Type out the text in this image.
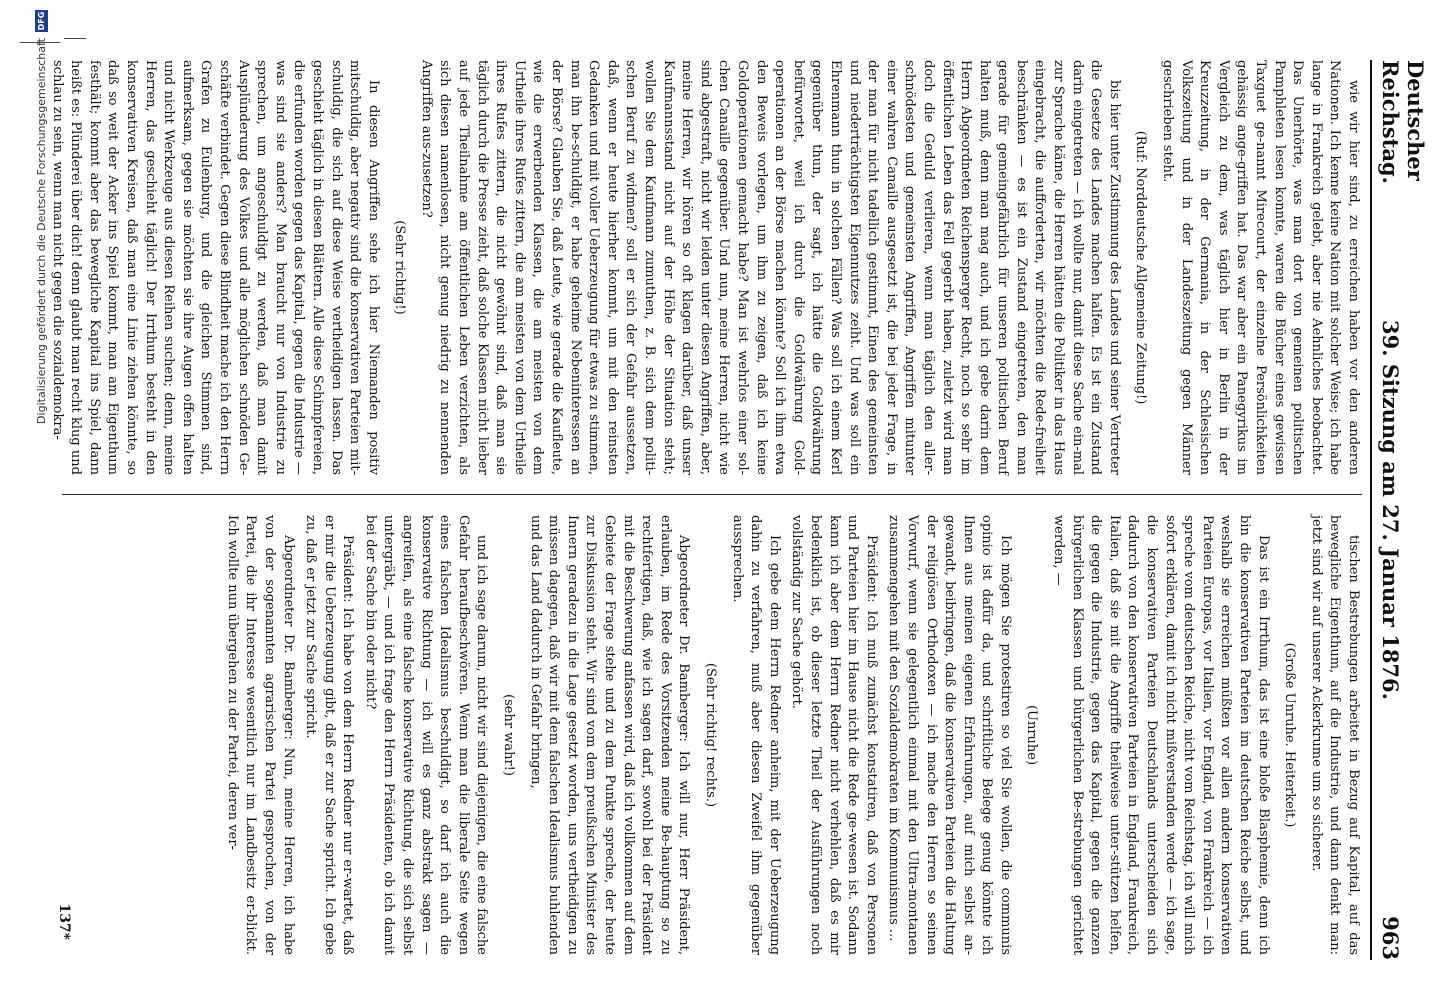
Deutscher Reichstag.
39. Sitzung am 27. Januar 1876.
963

wie wir hier sind, zu erreichen haben vor den anderen Nationen. Ich kenne keine Nation mit solcher Weise; ich habe lange in Frankreich gelebt, aber nie Aehnliches beobachtet. Das Unerhörte, was man dort von gemeinen politischen Pamphleten lesen konnte, waren die Bücher eines gewissen Taxguet ge-nannt Mirecourt, der einzelne Persönlichkeiten gehässig ange-griffen hat. Das war aber ein Panegyrikus im Vergleich zu dem, was täglich hier in Berlin in der Kreuzzeitung, in der Germania, in der Schlesischen Volkszeitung und in der Landeszeitung gegen Männer geschrieben steht.

(Ruf: Norddeutsche Allgemeine Zeitung!)

bis hier unter Zustimmung des Landes und seiner Vertreter die Gesetze des Landes machen halfen. Es ist ein Zustand darin eingetreten — ich wollte nur, damit diese Sache ein-mal zur Sprache käme, die Herren hätten die Politiker in das Haus eingebracht, die aufforderten, wir möchten die Rede-freiheit beschränken — es ist ein Zustand eingetreten, den man gerade für gemeingefährlich für unseren politischen Beruf halten muß, denn man mag auch, und ich gebe darin dem Herrn Abgeordneten Reichensperger Recht, noch so sehr im öffentlichen Leben das Fell gegerbt haben, zuletzt wird man doch die Geduld verlieren, wenn man täglich den aller-schnödesten und gemeinsten Angriffen, Angriffen mitunter einer wahren Canaille ausgesetzt ist, die bei jeder Frage, in der man für nicht tadellich gestimmt, Einen des gemeinsten und niederträchtigsten Eigennutzes zeiht. Und was soll ein Ehrenmann thun in solchen Fällen? Was soll ich einem Kerl gegenüber thun, der sagt, ich hätte die Goldwährung befürwortet, weil ich durch die Goldwährung Gold-operationen an der Börse machen könnte? Soll ich ihm etwa den Beweis vorlegen, um ihm zu zeigen, daß ich keine Goldoperationen gemacht habe? Man ist wehrlos einer sol-chen Canaille gegenüber. Und nun, meine Herren, nicht wie sind abgestraft, nicht wir leiden unter diesen Angriffen, aber, meine Herren, wir hören so oft klagen darüber, daß unser Kaufmannsstand nicht auf der Höhe der Situation steht; wollen Sie dem Kaufmann zumuthen, z. B. sich dem politi-schen Beruf zu widmen? soll er sich der Gefahr aussetzen, daß, wenn er heute hierher kommt, um mit den reinsten Gedanken und mit voller Ueberzeugung für etwas zu stimmen, man ihn be-schuldigt, er habe geheime Nebeninteressen an der Börse? Glauben Sie, daß Leute, wie gerade die Kaufleute, wie die erwerbenden Klassen, die am meisten von dem Urtheile ihres Rufes zittern, die am meisten von dem Urtheile ihres Rufes zittern, die nicht gewöhnt sind, daß man sie täglich durch die Presse zieht, daß solche Klassen nicht lieber auf jede Theilnahme am öffentlichen Leben verzichten, als sich diesen namenlosen, nicht genug niedrig zu nennenden Angriffen aus-zusetzen?

(Sehr richtig!)

In diesen Angriffen sehe ich hier Niemanden positiv mitschuldig, aber negativ sind die konservativen Parteien mit-schuldig, die sich auf diese Weise vertheidigen lassen. Das geschieht täglich in diesen Blättern. Alle diese Schimpfereien, die erfunden worden gegen das Kapital, gegen die Industrie — was sind sie anders? Man braucht nur von Industrie zu sprechen, um angeschuldigt zu werden, daß man damit Ausplünderung des Volkes und alle möglichen schnöden Ge-schäfte verbindet. Gegen diese Blindheit mache ich den Herrn Grafen zu Eulenburg, und die gleichen Stimmen sind, aufmerksam, gegen sie möchten sie ihre Augen offen halten und nicht Werkzeuge aus diesen Reihen suchen; denn, meine Herren, das geschieht täglich! Der Irrthum besteht in den konservativen Kreisen, daß man eine Linie ziehen könnte, so daß so weit der Acker ins Spiel kommt, man am Eigenthum festhält; kommt aber das bewegliche Kapital ins Spiel, dann heißt es: Plünderei über dich! denn glaubt man recht klug und schlau zu sein, wenn man nicht gegen die sozialdemokra-

tischen Bestrebungen arbeitet in Bezug auf Kapital, auf das bewegliche Eigenthum, auf die Industrie, und dann denkt man: jetzt sind wir auf unserer Ackerkrume um so sicherer.

(Große Unruhe. Heiterkeit.)

Das ist ein Irrthum, das ist eine bloße Blasphemie, denn ich bin die konservativen Parteien im deutschen Reiche selbst, und weshalb sie erreichen müßten vor allen andern konservativen Parteien Europas, vor Italien, vor England, von Frankreich — ich spreche vom deutschen Reiche, nicht vom Reichstag, ich will mich sofort erklären, damit ich nicht mißverstanden werde — ich sage, die konservativen Parteien Deutschlands unterscheiden sich dadurch von den konservativen Parteien in England, Frankreich, Italien, daß sie mit die Angriffe theilweise unter-stützen helfen, die gegen die Industrie, gegen das Kapital, gegen die ganzen bürgerlichen Klassen und bürgerlichen Be-strebungen gerichtet werden, —

(Unruhe)

Ich mögen Sie protestiren so viel Sie wollen, die communis opinio ist dafür da, und schriftliche Belege genug könnte ich Ihnen aus meinen eigenen Erfahrungen, auf mich selbst an-gewandt, beibringen, daß die konservativen Parteien die Haltung der religiösen Orthodoxen — ich mache den Herren so seinen Vorwurf, wenn sie gelegentlich einmal mit den Ultra-montanen zusammengehen mit den Sozialdemokraten im Kommunismus ...

Präsident: Ich muß zunächst konstatiren, daß von Personen und Parteien hier im Hause nicht die Rede ge-wesen ist. Sodann kann ich aber dem Herrn Redner nicht verhehlen, daß es mir bedenklich ist, ob dieser letzte Theil der Ausführungen noch vollständig zur Sache gehört.

Ich gebe dem Herrn Redner anheim, mit der Ueberzeugung dahin zu verfahren, muß aber diesen Zweifel ihm gegenüber aussprechen.

(Sehr richtig! rechts.)

Abgeordneter Dr. Bamberger: Ich will nur, Herr Präsident, erlauben, im Rede des Vorsitzenden meine Be-hauptung so zu rechtfertigen, daß, wie ich sagen darf, sowohl bei der Präsident mit die Beschwerung anfassen wird, daß ich vollkommen auf dem Gebiete der Frage stehe und zu dem Punkte spreche, der heute zur Diskussion steht. Wir sind vom dem preußischen Minister des Innern geradezu in die Lage gesetzt worden, uns vertheidigen zu müssen dagegen, daß wir mit dem falschen Idealismus buhlenden und das Land dadurch in Gefahr bringen,

(sehr wahr!)

und ich sage darum, nicht wir sind diejenigen, die eine falsche Gefahr heraufbeschwören. Wenn man die liberale Seite wegen eines falschen Idealismus beschuldigt, so darf ich auch die konservative Richtung — ich will es ganz abstrakt sagen — angreifen, als eine falsche konservative Richtung, die sich selbst untergräbt, — und ich frage den Herrn Präsidenten, ob ich damit bei der Sache bin oder nicht?

Präsident: Ich habe von dem Herrn Redner nur er-wartet, daß er mir die Ueberzeugung gibt, daß er zur Sache spricht. Ich gebe zu, daß er jetzt zur Sache spricht.

Abgeordneter Dr. Bamberger: Nun, meine Herren, ich habe von der sogenannten agrarischen Partei gesprochen, von der Partei, die ihr Interesse wesentlich nur im Landbesitz er-blickt. Ich wollte nun übergehen zu der Partei, deren ver-

137*
Digitalisierung gefördert durch die Deutsche Forschungsgemeinschaft
DFG
